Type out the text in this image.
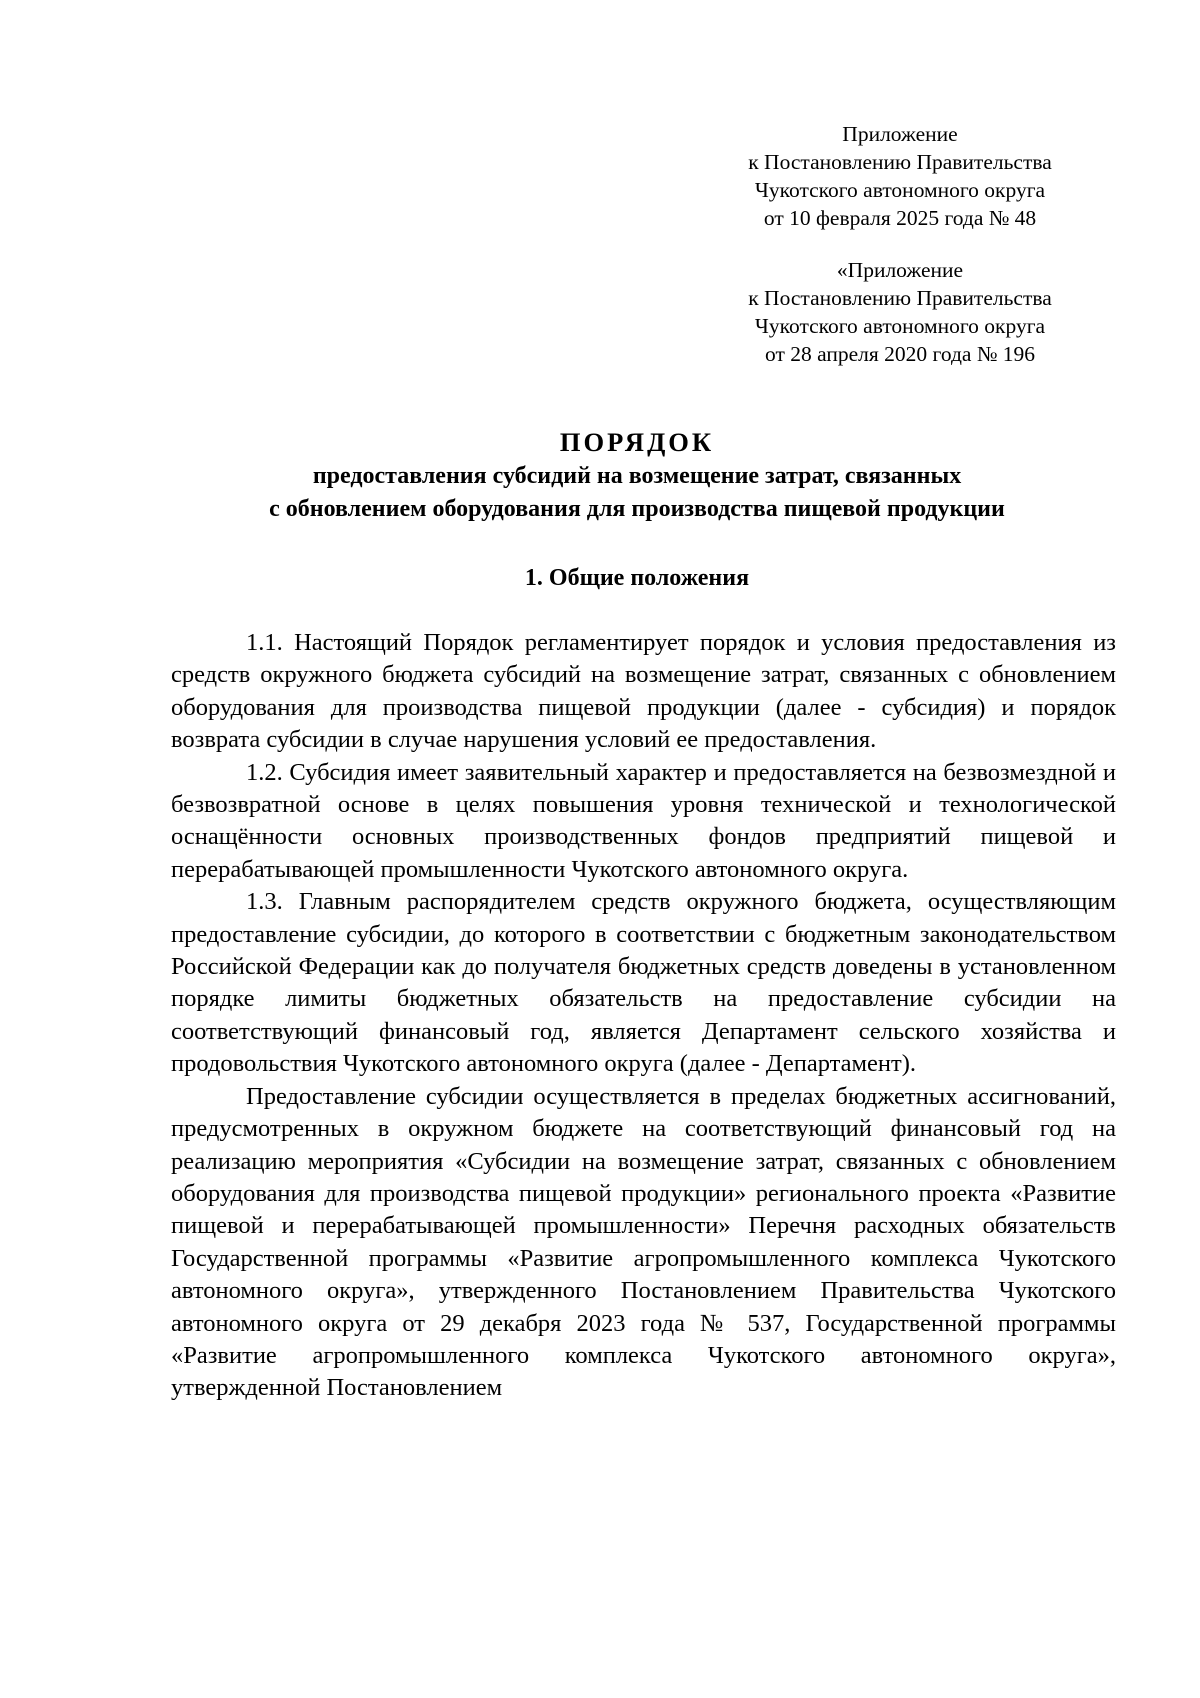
Приложение
к Постановлению Правительства
Чукотского автономного округа
от 10 февраля 2025 года № 48
«Приложение
к Постановлению Правительства
Чукотского автономного округа
от 28 апреля 2020 года № 196
ПОРЯДОК
предоставления субсидий на возмещение затрат, связанных
с обновлением оборудования для производства пищевой продукции
1. Общие положения

1.1. Настоящий Порядок регламентирует порядок и условия предоставления из средств окружного бюджета субсидий на возмещение затрат, связанных с обновлением оборудования для производства пищевой продукции (далее - субсидия) и порядок возврата субсидии в случае нарушения условий ее предоставления.

1.2. Субсидия имеет заявительный характер и предоставляется на безвозмездной и безвозвратной основе в целях повышения уровня технической и технологической оснащённости основных производственных фондов предприятий пищевой и перерабатывающей промышленности Чукотского автономного округа.

1.3. Главным распорядителем средств окружного бюджета, осуществляющим предоставление субсидии, до которого в соответствии с бюджетным законодательством Российской Федерации как до получателя бюджетных средств доведены в установленном порядке лимиты бюджетных обязательств на предоставление субсидии на соответствующий финансовый год, является Департамент сельского хозяйства и продовольствия Чукотского автономного округа (далее - Департамент).

Предоставление субсидии осуществляется в пределах бюджетных ассигнований, предусмотренных в окружном бюджете на соответствующий финансовый год на реализацию мероприятия «Субсидии на возмещение затрат, связанных с обновлением оборудования для производства пищевой продукции» регионального проекта «Развитие пищевой и перерабатывающей промышленности» Перечня расходных обязательств Государственной программы «Развитие агропромышленного комплекса Чукотского автономного округа», утвержденного Постановлением Правительства Чукотского автономного округа от 29 декабря 2023 года № 537, Государственной программы «Развитие агропромышленного комплекса Чукотского автономного округа», утвержденной Постановлением
